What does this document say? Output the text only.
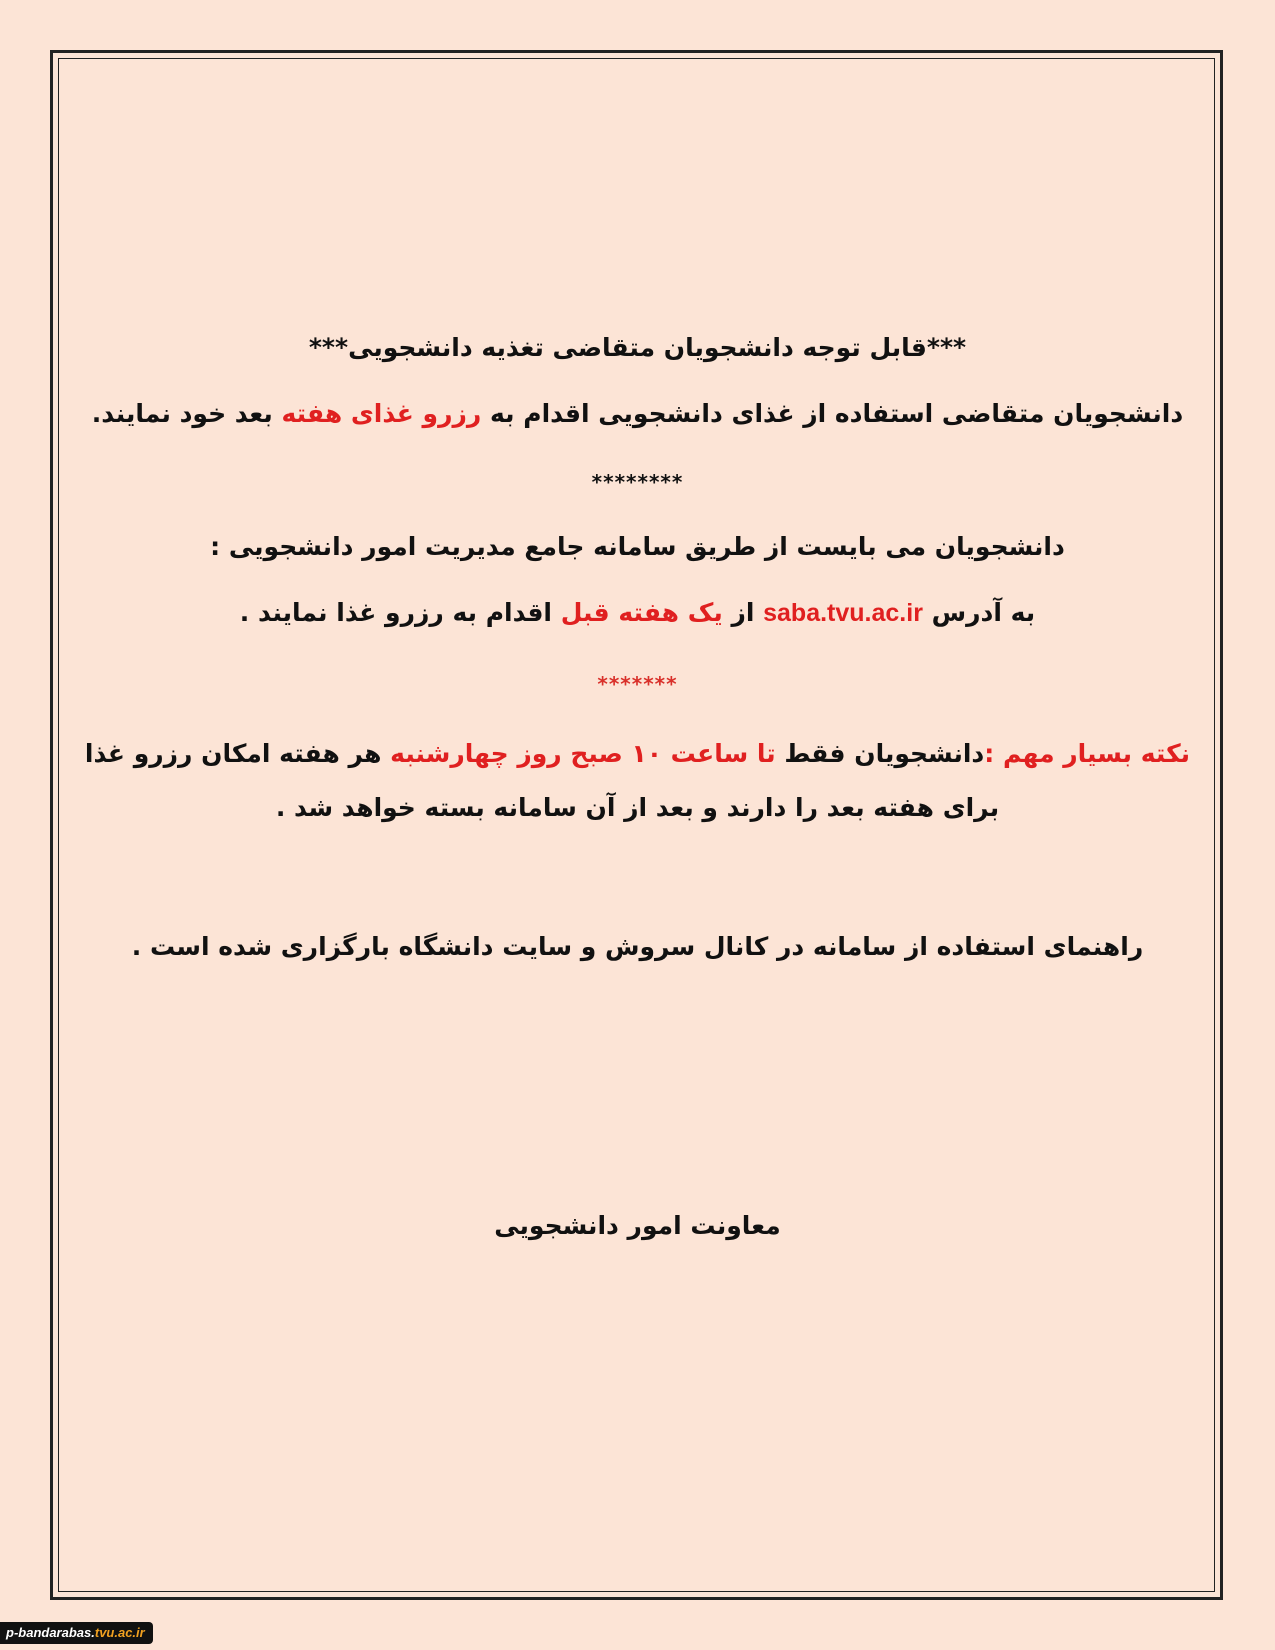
***قابل توجه دانشجویان متقاضی تغذیه دانشجویی***
دانشجویان متقاضی استفاده از غذای دانشجویی اقدام به رزرو غذای هفته بعد خود نمایند.
********
دانشجویان می بایست از طریق سامانه جامع مدیریت امور دانشجویی :
به آدرس saba.tvu.ac.ir از یک هفته قبل اقدام به رزرو غذا نمایند .
*******
نکته بسیار مهم :دانشجویان فقط تا ساعت ۱۰ صبح روز چهارشنبه هر هفته امکان رزرو غذا
برای هفته بعد را دارند و بعد از آن سامانه بسته خواهد شد .
راهنمای استفاده از سامانه در کانال سروش و سایت دانشگاه بارگزاری شده است .
معاونت امور دانشجویی
p-bandarabas.tvu.ac.ir
